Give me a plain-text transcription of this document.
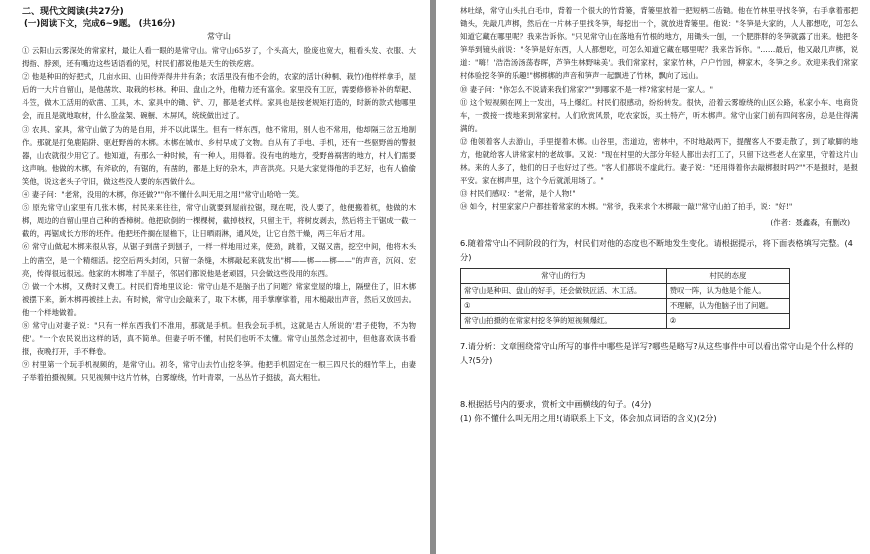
二、现代文阅读(共27分)
(一)阅读下文，完成6~9题。 (共16分)
常守山

① 云阳山云雾深处的常家村，最让人看一眼的是常守山。常守山65岁了，个头高大，脸庞也宽大，粗看头发、衣服、大拇指、脖颈，还有嘴边这些话语看的见，村民们都说他是天生的铁疙瘩。

② 他是种田的好把式，几亩水田、山田侍弄得井井有条；农活里没有他不会的，农家的活计(种桐、栽竹)他样样拿手，屋后的一大片自留山，是他凿坎、取栽的杉林。种田、盘山之外，他精力还有富余。家里没有工匠，需要修修补补的犁耙、斗笠，做木工活用的砍凿、工具，木、家具中的锄、铲、刀，都是老式样。家具也是按老规矩打造的，时新的款式他哪里会，而且是就地取材，什么脸盆架、碗橱、木屏风，统统做出过了。

③ 农具、家具，常守山做了为的是自用，并不以此谋生。但有一样东西，他不常用，别人也不常用，他却隔三岔五地制作。那就是打兔鹿陷阱、驱赶野兽的木梆。木梆在城市、乡村早成了文物。自从有了手电、手机，还有一些驱野兽的警报器，山农就很少用它了。他知道，有那么一种时候，有一种人，用得着。没有电的地方，受野兽祸害的地方，村人们需要这声响。他做的木梆，有斧砍的，有锯的，有凿的，都是上好的杂木，声音洪亮。只是大家觉得他的手艺好，也有人偷偷笑他，说这老头子守旧，做这些没人要的东西做什么。

④ 妻子问："老常，没用的木梆，你还做?""你不懂什么叫无用之用!"常守山哈哈一笑。

⑤ 原先常守山家里有几张木梆，村民来来往往，常守山就要到屋前拉锯，现在呢，没人要了，他便搬着杌，他做的木梆，周边的自留山里自己种的香樟树。他把砍倒的一棵棵树，截掉枝杈，只留主干，将树皮剥去，然后将主干锯成一截一截的，再锯成长方形的坯件。他把坯件搁在屋檐下，让日晒雨淋，通风处，让它自然干燥，两三年后才用。

⑥ 常守山做起木梆来很从容，从锯子到凿子到刨子，一样一样地用过来，使劲，跳着，又锯又凿，挖空中间，他将木头上的凿空，是一个精细活。挖空后两头封闭，只留一条缝，木梆敲起来就发出"梆——梆——梆——"的声音，沉闷、宏亮，传得很远很远。他家的木梆堆了半屋子，邻居们都说他是老顽固，只会做这些没用的东西。

⑦ 做一个木梆，又费时又费工。村民们背地里议论：常守山是不是脑子出了问题？常家堂屋的墙上，隔壁住了，旧木梆被摆下来，新木梆再被挂上去。有时候，常守山会敲来了，取下木梆，用手掌摩挲着，用木槌敲出声音，然后又放回去。他一个样地做着。

⑧ 常守山对妻子说："只有一样东西我们不准用，那就是手机。但我会玩手机，这就是古人所说的'君子使物，不为物使'。"一个农民说出这样的话，真不简单。但妻子听不懂，村民们也听不太懂。常守山虽然念过初中，但他喜欢读书看报，夜晚打开，手不释卷。

⑨ 村里第一个玩手机视频的，是常守山。初冬，常守山去竹山挖冬笋。他把手机固定在一根三四尺长的细竹竿上，由妻子举着拍摄视频。只见视频中这片竹林，白雾缭绕，竹叶青翠，一丛丛竹子挺拔，高大粗壮。

林吐绿，常守山头扎白毛巾，背着一个很大的竹背篓，背篓里放着一把短柄二齿锄。他在竹林里寻找冬笋，右手拿着那把锄头，先敲几声梆，然后在一片林子里找冬笋，每挖出一个，就放进背篓里。他说："冬笋是大家的，人人都想吃，可怎么知道它藏在哪里呢？我来告诉你。"只见常守山在落地有竹根的地方，用锄头一刨，一个肥胖胖的冬笋就露了出来。他把冬笋举到镜头前说："冬笋是好东西，人人都想吃，可怎么知道它藏在哪里呢？我来告诉你。"……最后，他又敲几声梆，说道："嗨！'浩浩汤汤荡春晖，芦笋生林野味美'。我们常家村，家家竹林，户户竹园，柳家木，冬笋之乡。欢迎来我们常家村体验挖冬笋的乐趣!"梆梆梆的声音和笋声一起飘进了竹林，飘向了远山。

⑩ 妻子问："你怎么不说请来我们常家?""到哪家不是一样?常家村是一家人。"

⑪ 这个短视频在网上一发出，马上爆红。村民们很感动，纷纷转发。很快，沿着云雾缭绕的山区公路，私家小车、电商货车，一拨接一拨地来到常家村。人们欣赏风景，吃农家饭，买土特产，听木梆声。常守山家门前有四间客房，总是住得满满的。

⑫ 他领着客人去游山，手里提着木梆。山谷里，峦道边，密林中，不时地敲两下，提醒客人不要走散了，到了歇脚的地方，他就给客人讲常家村的老故事。又说："现在村里的大部分年轻人都出去打工了，只留下这些老人在家里，守着这片山林。来的人多了，他们的日子也好过了些。"客人们都说不虚此行。妻子说："还用得着你去敲梆报时吗?""不是报时，是报平安。家在梆声里，这个今后就派用场了。"

⑬ 村民们感叹："老常，是个人物!"

⑭ 如今，村里家家户户都挂着常家的木梆。"常爷，我来求个木梆敲一敲!"常守山拍了拍手，说："好!"

(作者：聂鑫森，有删改)

6.随着常守山不同阶段的行为，村民们对他的态度也不断地发生变化。请根据提示，将下面表格填写完整。(4分)

常守山的行为	村民的态度
常守山是种田、盘山的好手，还会做铁匠活、木工活。	赞叹一阵，认为他是个能人。
①	不理解，认为他脑子出了问题。
常守山拍摄的在常家村挖冬笋的短视频爆红。	②

7.请分析：文章围绕常守山所写的事件中哪些是详写?哪些是略写?从这些事件中可以看出常守山是个什么样的人?(5分)

8.根据括号内的要求，赏析文中画横线的句子。(4分)

(1) 你不懂什么叫无用之用!(请联系上下文，体会加点词语的含义)(2分)
